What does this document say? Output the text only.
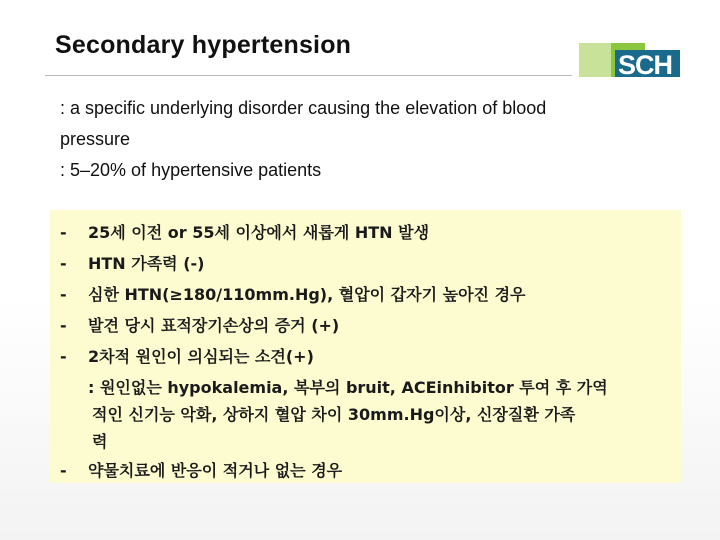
Secondary hypertension
SCH

: a specific underlying disorder causing the elevation of blood

pressure

: 5–20% of hypertensive patients

-	25세 이전 or 55세 이상에서 새롭게 HTN 발생
-	HTN 가족력 (-)
-	심한 HTN(≥180/110mm.Hg), 혈압이 갑자기 높아진 경우
-	발견 당시 표적장기손상의 증거 (+)
-	2차적 원인이 의심되는 소견(+)
: 원인없는 hypokalemia, 복부의 bruit, ACEinhibitor 투여 후 가역
적인 신기능 악화, 상하지 혈압 차이 30mm.Hg이상, 신장질환 가족
력
-	약물치료에 반응이 적거나 없는 경우
